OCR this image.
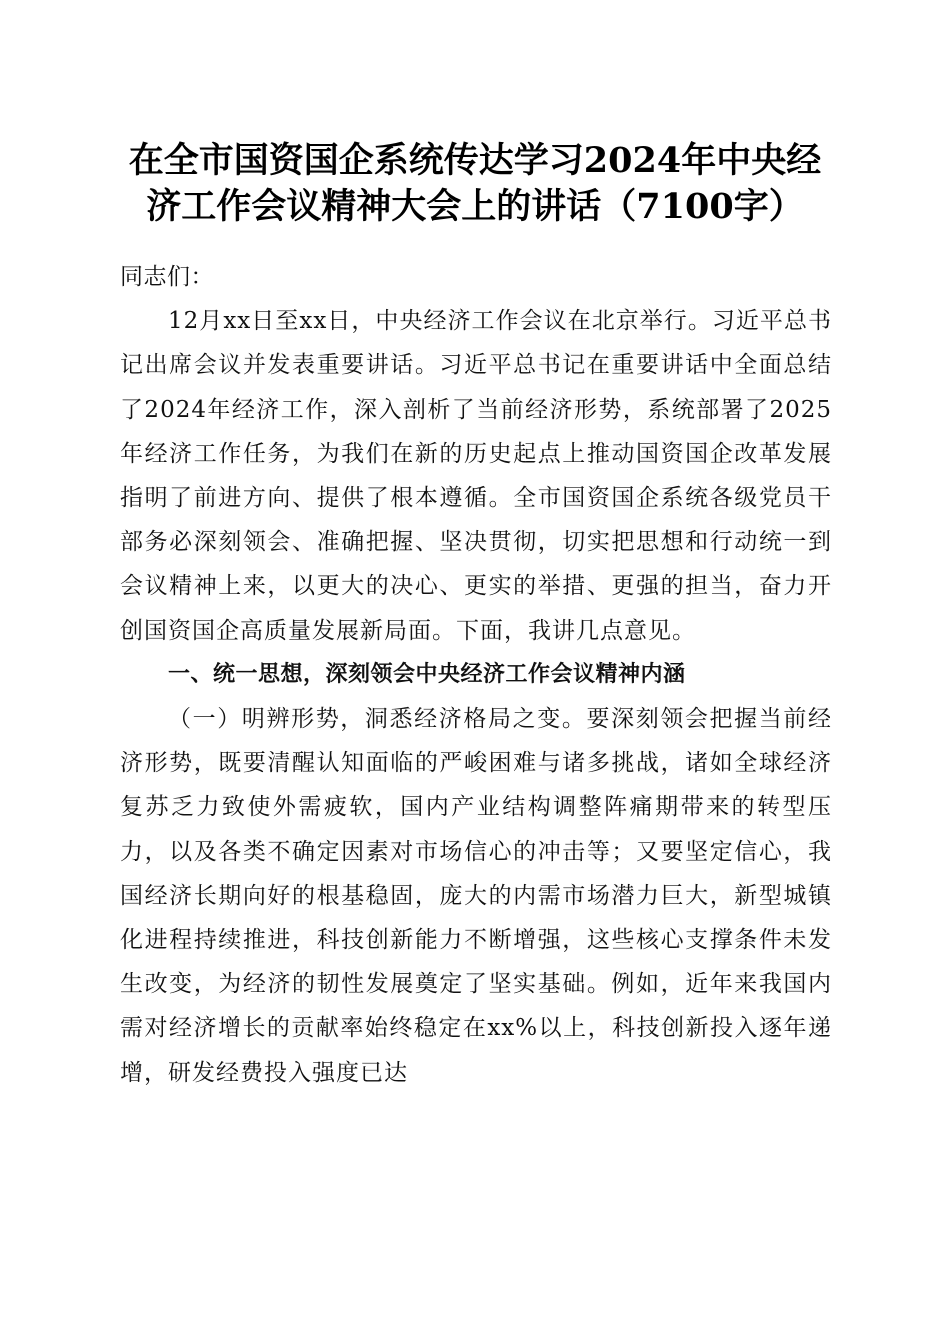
在全市国资国企系统传达学习2024年中央经
济工作会议精神大会上的讲话（7100字）

同志们：

12月xx日至xx日，中央经济工作会议在北京举行。习近平总书记出席会议并发表重要讲话。习近平总书记在重要讲话中全面总结了2024年经济工作，深入剖析了当前经济形势，系统部署了2025年经济工作任务，为我们在新的历史起点上推动国资国企改革发展指明了前进方向、提供了根本遵循。全市国资国企系统各级党员干部务必深刻领会、准确把握、坚决贯彻，切实把思想和行动统一到会议精神上来，以更大的决心、更实的举措、更强的担当，奋力开创国资国企高质量发展新局面。下面，我讲几点意见。

一、统一思想，深刻领会中央经济工作会议精神内涵

（一）明辨形势，洞悉经济格局之变。要深刻领会把握当前经济形势，既要清醒认知面临的严峻困难与诸多挑战，诸如全球经济复苏乏力致使外需疲软，国内产业结构调整阵痛期带来的转型压力，以及各类不确定因素对市场信心的冲击等；又要坚定信心，我国经济长期向好的根基稳固，庞大的内需市场潜力巨大，新型城镇化进程持续推进，科技创新能力不断增强，这些核心支撑条件未发生改变，为经济的韧性发展奠定了坚实基础。例如，近年来我国内需对经济增长的贡献率始终稳定在xx%以上，科技创新投入逐年递增，研发经费投入强度已达
